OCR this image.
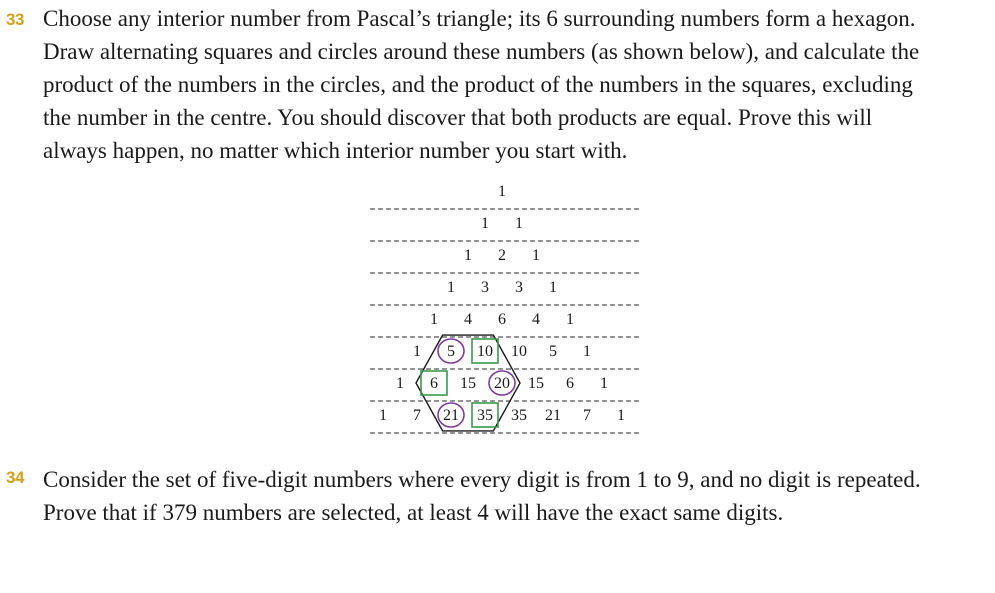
33 Choose any interior number from Pascal’s triangle; its 6 surrounding numbers form a hexagon.
Draw alternating squares and circles around these numbers (as shown below), and calculate the
product of the numbers in the circles, and the product of the numbers in the squares, excluding
the number in the centre. You should discover that both products are equal. Prove this will
always happen, no matter which interior number you start with.

1
1 1
1 2 1
1 3 3 1
1 4 6 4 1
1 5 10 10 5 1
1 6 15 20 15 6 1
1 7 21 35 35 21 7 1
34 Consider the set of five-digit numbers where every digit is from 1 to 9, and no digit is repeated.
Prove that if 379 numbers are selected, at least 4 will have the exact same digits.
